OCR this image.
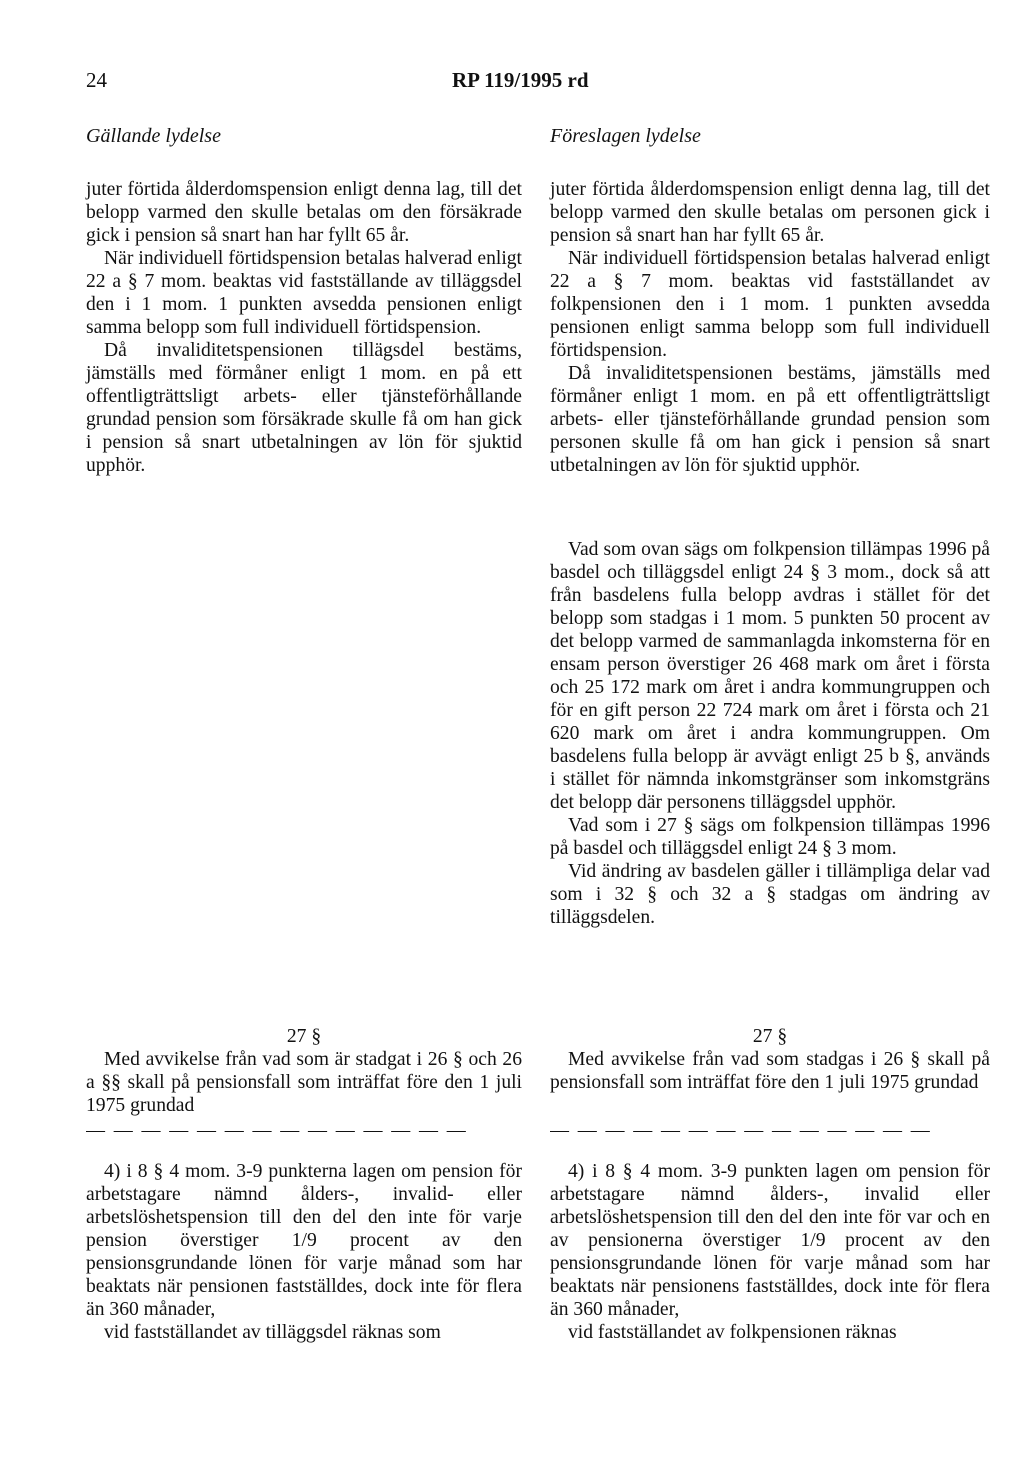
24	RP 119/1995 rd
Gällande lydelse	Föreslagen lydelse

juter förtida ålderdomspension enligt denna lag, till det belopp varmed den skulle betalas om den försäkrade gick i pension så snart han har fyllt 65 år.

När individuell förtidspension betalas halverad enligt 22 a § 7 mom. beaktas vid fastställande av tilläggsdel den i 1 mom. 1 punkten avsedda pensionen enligt samma belopp som full individuell förtidspension.

Då invaliditetspensionen tillägsdel bestäms, jämställs med förmåner enligt 1 mom. en på ett offentligträttsligt arbets- eller tjänsteförhållande grundad pension som försäkrade skulle få om han gick i pension så snart utbetalningen av lön för sjuktid upphör.

27 §

Med avvikelse från vad som är stadgat i 26 § och 26 a §§ skall på pensionsfall som inträffat före den 1 juli 1975 grundad

— — — — — — — — — — — — — —

4) i 8 § 4 mom. 3-9 punkterna lagen om pension för arbetstagare nämnd ålders-, invalid- eller arbetslöshetspension till den del den inte för varje pension överstiger 1/9 procent av den pensionsgrundande lönen för varje månad som har beaktats när pensionen fastställdes, dock inte för flera än 360 månader,

vid fastställandet av tilläggsdel räknas som

juter förtida ålderdomspension enligt denna lag, till det belopp varmed den skulle betalas om personen gick i pension så snart han har fyllt 65 år.

När individuell förtidspension betalas halverad enligt 22 a § 7 mom. beaktas vid fastställandet av folkpensionen den i 1 mom. 1 punkten avsedda pensionen enligt samma belopp som full individuell förtidspension.

Då invaliditetspensionen bestäms, jämställs med förmåner enligt 1 mom. en på ett offentligträttsligt arbets- eller tjänsteförhållande grundad pension som personen skulle få om han gick i pension så snart utbetalningen av lön för sjuktid upphör.

Vad som ovan sägs om folkpension tillämpas 1996 på basdel och tilläggsdel enligt 24 § 3 mom., dock så att från basdelens fulla belopp avdras i stället för det belopp som stadgas i 1 mom. 5 punkten 50 procent av det belopp varmed de sammanlagda inkomsterna för en ensam person överstiger 26 468 mark om året i första och 25 172 mark om året i andra kommungruppen och för en gift person 22 724 mark om året i första och 21 620 mark om året i andra kommungruppen. Om basdelens fulla belopp är avvägt enligt 25 b §, används i stället för nämnda inkomstgränser som inkomstgräns det belopp där personens tilläggsdel upphör.

Vad som i 27 § sägs om folkpension tillämpas 1996 på basdel och tilläggsdel enligt 24 § 3 mom.

Vid ändring av basdelen gäller i tillämpliga delar vad som i 32 § och 32 a § stadgas om ändring av tilläggsdelen.

27 §

Med avvikelse från vad som stadgas i 26 § skall på pensionsfall som inträffat före den 1 juli 1975 grundad

— — — — — — — — — — — — — —

4) i 8 § 4 mom. 3-9 punkten lagen om pension för arbetstagare nämnd ålders-, invalid eller arbetslöshetspension till den del den inte för var och en av pensionerna överstiger 1/9 procent av den pensionsgrundande lönen för varje månad som har beaktats när pensionens fastställdes, dock inte för flera än 360 månader,

vid fastställandet av folkpensionen räknas
